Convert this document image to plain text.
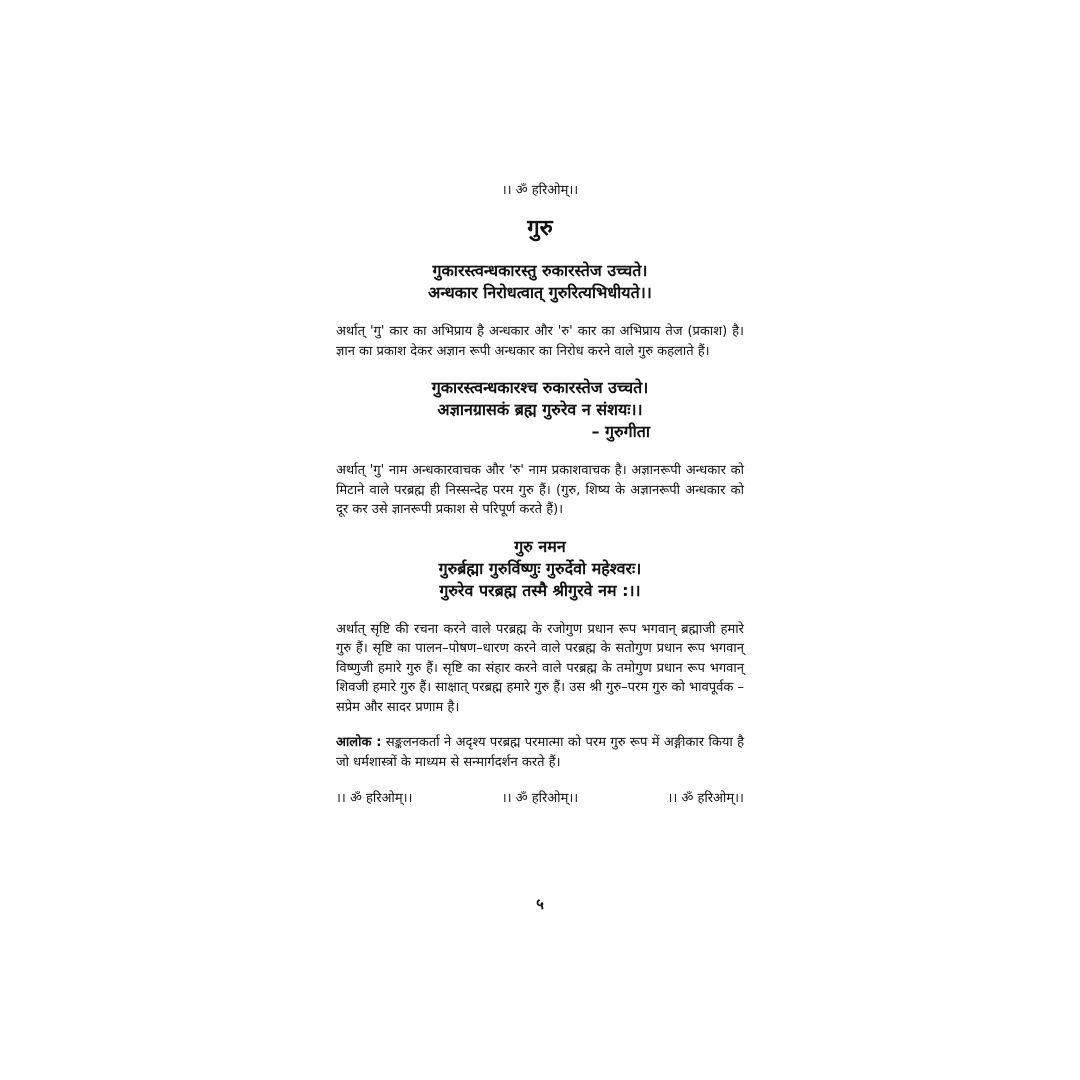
।। ॐ हरिओम्।।
गुरु
गुकारस्त्वन्धकारस्तु रुकारस्तेज उच्चते।
अन्धकार निरोधत्वात् गुरुरित्यभिधीयते।।
अर्थात् 'गु' कार का अभिप्राय है अन्धकार और 'रु' कार का अभिप्राय तेज (प्रकाश) है। ज्ञान का प्रकाश देकर अज्ञान रूपी अन्धकार का निरोध करने वाले गुरु कहलाते हैं।
गुकारस्त्वन्धकारश्च रुकारस्तेज उच्चते।
अज्ञानग्रासकं ब्रह्म गुरुरेव न संशयः।।
– गुरुगीता
अर्थात् 'गु' नाम अन्धकारवाचक और 'रु' नाम प्रकाशवाचक है। अज्ञानरूपी अन्धकार को मिटाने वाले परब्रह्म ही निस्सन्देह परम गुरु हैं। (गुरु, शिष्य के अज्ञानरूपी अन्धकार को दूर कर उसे ज्ञानरूपी प्रकाश से परिपूर्ण करते हैं)।
गुरु नमन
गुरुर्ब्रह्मा गुरुर्विष्णुः गुरुर्देवो महेश्वरः।
गुरुरेव परब्रह्म तस्मै श्रीगुरवे नम :।।
अर्थात् सृष्टि की रचना करने वाले परब्रह्म के रजोगुण प्रधान रूप भगवान् ब्रह्माजी हमारे गुरु हैं। सृष्टि का पालन–पोषण–धारण करने वाले परब्रह्म के सतोगुण प्रधान रूप भगवान् विष्णुजी हमारे गुरु हैं। सृष्टि का संहार करने वाले परब्रह्म के तमोगुण प्रधान रूप भगवान् शिवजी हमारे गुरु हैं। साक्षात् परब्रह्म हमारे गुरु हैं। उस श्री गुरु–परम गुरु को भावपूर्वक – सप्रेम और सादर प्रणाम है।
आलोक : सङ्कलनकर्ता ने अदृश्य परब्रह्म परमात्मा को परम गुरु रूप में अङ्गीकार किया है जो धर्मशास्त्रों के माध्यम से सन्मार्गदर्शन करते हैं।
।। ॐ हरिओम्।।	।। ॐ हरिओम्।।	।। ॐ हरिओम्।।
५
